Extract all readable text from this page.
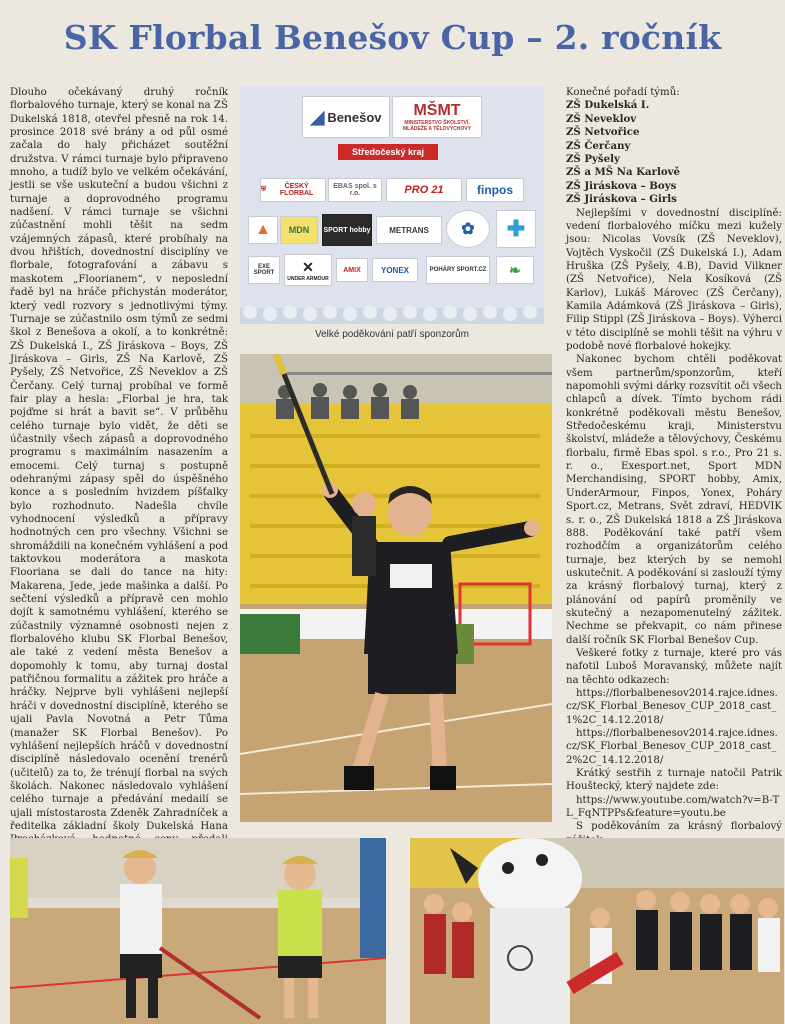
SK Florbal Benešov Cup – 2. ročník

Dlouho očekávaný druhý ročník florbalového turnaje, který se konal na ZŠ Dukelská 1818, otevřel přesně na rok 14. prosince 2018 své brány a od půl osmé začala do haly přicházet soutěžní družstva. V rámci turnaje bylo připraveno mnoho, a tudíž bylo ve velkém očekávání, jestli se vše uskuteční a budou všichni z turnaje a doprovodného programu nadšení. V rámci turnaje se všichni zúčastnění mohli těšit na sedm vzájemných zápasů, které probíhaly na dvou hřištích, dovednostní disciplíny ve florbale, fotografování a zábavu s maskotem „Floorianem“, v neposlední řadě byl na hráče přichystán moderátor, který vedl rozvory s jednotlivými týmy. Turnaje se zúčastnilo osm týmů ze sedmi škol z Benešova a okolí, a to konkrétně: ZŠ Dukelská I., ZŠ Jiráskova – Boys, ZŠ Jiráskova – Girls, ZŠ Na Karlově, ZŠ Pyšely, ZŠ Netvořice, ZŠ Neveklov a ZŠ Čerčany. Celý turnaj probíhal ve formě fair play a hesla: „Florbal je hra, tak pojďme si hrát a bavit se“. V průběhu celého turnaje bylo vidět, že děti se účastnily všech zápasů a doprovodného programu s maximálním nasazením a emocemi. Celý turnaj s postupně odehranými zápasy spěl do úspěšného konce a s posledním hvizdem píšťalky bylo rozhodnuto. Nadešla chvíle vyhodnocení výsledků a přípravy hodnotných cen pro všechny. Všichni se shromáždili na konečném vyhlášení a pod taktovkou moderátora a maskota Flooriana se dali do tance na hity: Makarena, Jede, jede mašinka a další. Po sečtení výsledků a přípravě cen mohlo dojít k samotnému vyhlášení, kterého se zúčastnily významné osobnosti nejen z florbalového klubu SK Florbal Benešov, ale také z vedení města Benešov a dopomohly k tomu, aby turnaj dostal patřičnou formalitu a zážitek pro hráče a hráčky. Nejprve byli vyhlášeni nejlepší hráči v dovednostní disciplíně, kterého se ujali Pavla Novotná a Petr Tůma (manažer SK Florbal Benešov). Po vyhlášení nejlepších hráčů v dovednostní disciplíně následovalo ocenění trenérů (učitelů) za to, že trénují florbal na svých školách. Nakonec následovalo vyhlášení celého turnaje a předávání medailí se ujali místostarosta Zdeněk Zahradníček a ředitelka základní školy Dukelská Hana

◢ Benešov MŠMT
MINISTERSTVO ŠKOLSTVÍ, MLÁDEŽE A TĚLOVÝCHOVY
Středočeský kraj
⛨	ČESKÝ FLORBAL
EBAS spol. s r.o.	PRO 21	finpos
▲ MDN SPORT hobby METRANS ✿ ✚
EXE SPORT	✕
UNDER ARMOUR
AMIX	YONEX	POHÁRY SPORT.CZ ❧
Velké poděkování patří sponzorům

Konečné pořadí týmů:

ZŠ Dukelská I.
ZŠ Neveklov
ZŠ Netvořice
ZŠ Čerčany
ZŠ Pyšely
ZŠ a MŠ Na Karlově
ZŠ Jiráskova – Boys
ZŠ Jiráskova – Girls

Nejlepšími v dovednostní disciplíně: vedení florbalového míčku mezi kužely jsou: Nicolas Vovsík (ZŠ Neveklov), Vojtěch Vyskočil (ZŠ Dukelská I.), Adam Hruška (ZŠ Pyšely, 4.B), David Vilkner (ZŠ Netvořice), Nela Kosíková (ZŠ Karlov), Lukáš Márovec (ZŠ Čerčany), Kamila Adámková (ZŠ Jiráskova – Girls), Filip Stippl (ZŠ Jiráskova – Boys). Výherci v této disciplíně se mohli těšit na výhru v podobě nové florbalové hokejky.

Nakonec bychom chtěli poděkovat všem partnerům/sponzorům, kteří napomohli svými dárky rozsvítit oči všech chlapců a dívek. Tímto bychom rádi konkrétně poděkovali městu Benešov, Středočeskému kraji, Ministerstvu školství, mládeže a tělovýchovy, Českému florbalu, firmě Ebas spol. s r.o., Pro 21 s. r. o., Exesport.net, Sport MDN Merchandising, SPORT hobby, Amix, UnderArmour, Finpos, Yonex, Poháry Sport.cz, Metrans, Svět zdraví, HEDVIK s. r. o., ZŠ Dukelská 1818 a ZŠ Jiráskova 888. Poděkování také patří všem rozhodčím a organizátorům celého turnaje, bez kterých by se nemohl uskutečnit. A poděkování si zaslouží týmy za krásný florbalový turnaj, který z plánování od papírů proměnily ve skutečný a nezapomenutelný zážitek. Nechme se překvapit, co nám přinese další ročník SK Florbal Benešov Cup.

Veškeré fotky z turnaje, které pro vás nafotil Luboš Moravanský, můžete najít na těchto odkazech:

https://florbalbenesov2014.rajce.idnes.cz/SK_Florbal_Benesov_CUP_2018_cast_1%2C_14.12.2018/

https://florbalbenesov2014.rajce.idnes.cz/SK_Florbal_Benesov_CUP_2018_cast_2%2C_14.12.2018/

Krátký sestřih z turnaje natočil Patrik Houštecký, který najdete zde:

https://www.youtube.com/watch?v=B-TL_FqNTPPs&feature=youtu.be

S poděkováním za krásný florbalový
